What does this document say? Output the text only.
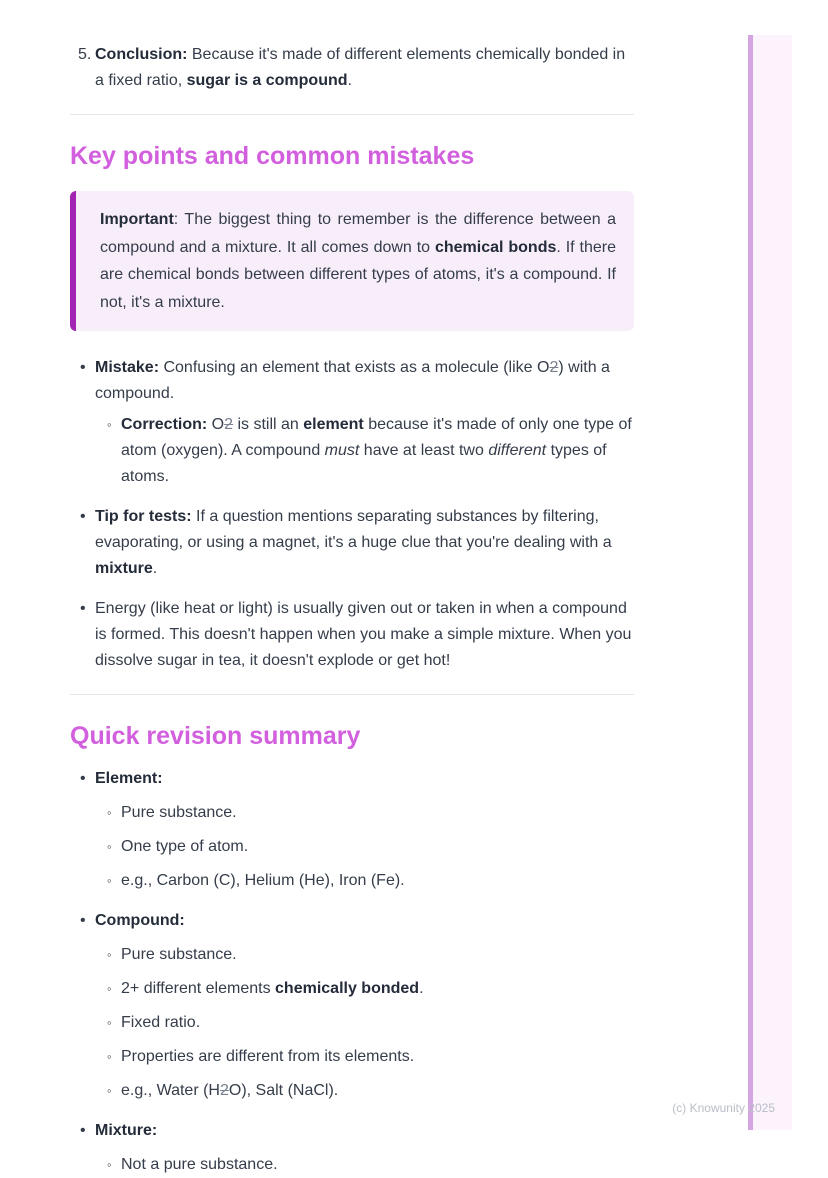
5. Conclusion: Because it's made of different elements chemically bonded in a fixed ratio, sugar is a compound.
Key points and common mistakes
Important: The biggest thing to remember is the difference between a compound and a mixture. It all comes down to chemical bonds. If there are chemical bonds between different types of atoms, it's a compound. If not, it's a mixture.
• Mistake: Confusing an element that exists as a molecule (like O2) with a compound.
◦ Correction: O2 is still an element because it's made of only one type of atom (oxygen). A compound must have at least two different types of atoms.
• Tip for tests: If a question mentions separating substances by filtering, evaporating, or using a magnet, it's a huge clue that you're dealing with a mixture.
• Energy (like heat or light) is usually given out or taken in when a compound is formed. This doesn't happen when you make a simple mixture. When you dissolve sugar in tea, it doesn't explode or get hot!
Quick revision summary
• Element:
◦ Pure substance.
◦ One type of atom.
◦ e.g., Carbon (C), Helium (He), Iron (Fe).
• Compound:
◦ Pure substance.
◦ 2+ different elements chemically bonded.
◦ Fixed ratio.
◦ Properties are different from its elements.
◦ e.g., Water (H2O), Salt (NaCl).
• Mixture:
◦ Not a pure substance.
(c) Knowunity 2025
